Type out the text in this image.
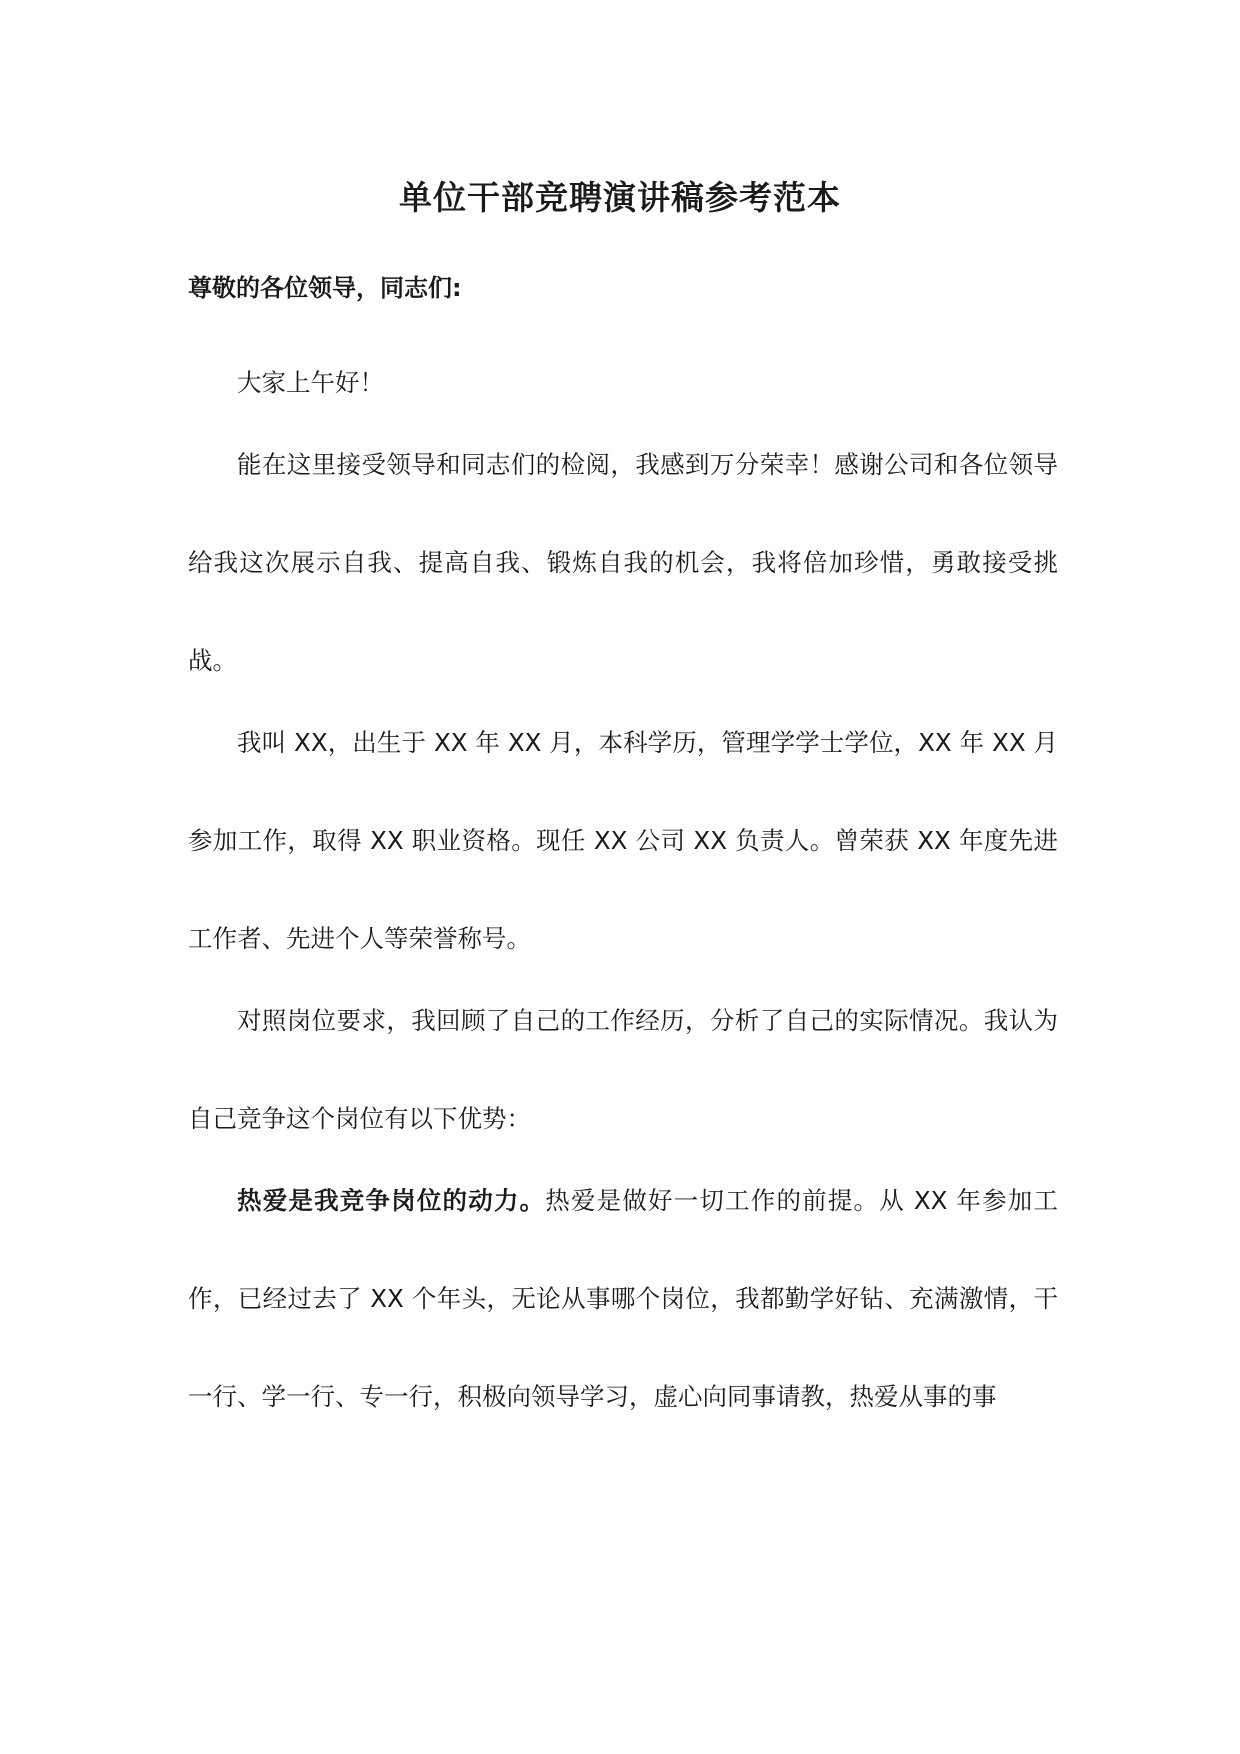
单位干部竞聘演讲稿参考范本

尊敬的各位领导，同志们:

大家上午好！

能在这里接受领导和同志们的检阅，我感到万分荣幸！感谢公司和各位领导给我这次展示自我、提高自我、锻炼自我的机会，我将倍加珍惜，勇敢接受挑战。

我叫 XX，出生于 XX 年 XX 月，本科学历，管理学学士学位，XX 年 XX 月参加工作，取得 XX 职业资格。现任 XX 公司 XX 负责人。曾荣获 XX 年度先进工作者、先进个人等荣誉称号。

对照岗位要求，我回顾了自己的工作经历，分析了自己的实际情况。我认为自己竞争这个岗位有以下优势：

热爱是我竞争岗位的动力。热爱是做好一切工作的前提。从 XX 年参加工作，已经过去了 XX 个年头，无论从事哪个岗位，我都勤学好钻、充满激情，干一行、学一行、专一行，积极向领导学习，虚心向同事请教，热爱从事的事
